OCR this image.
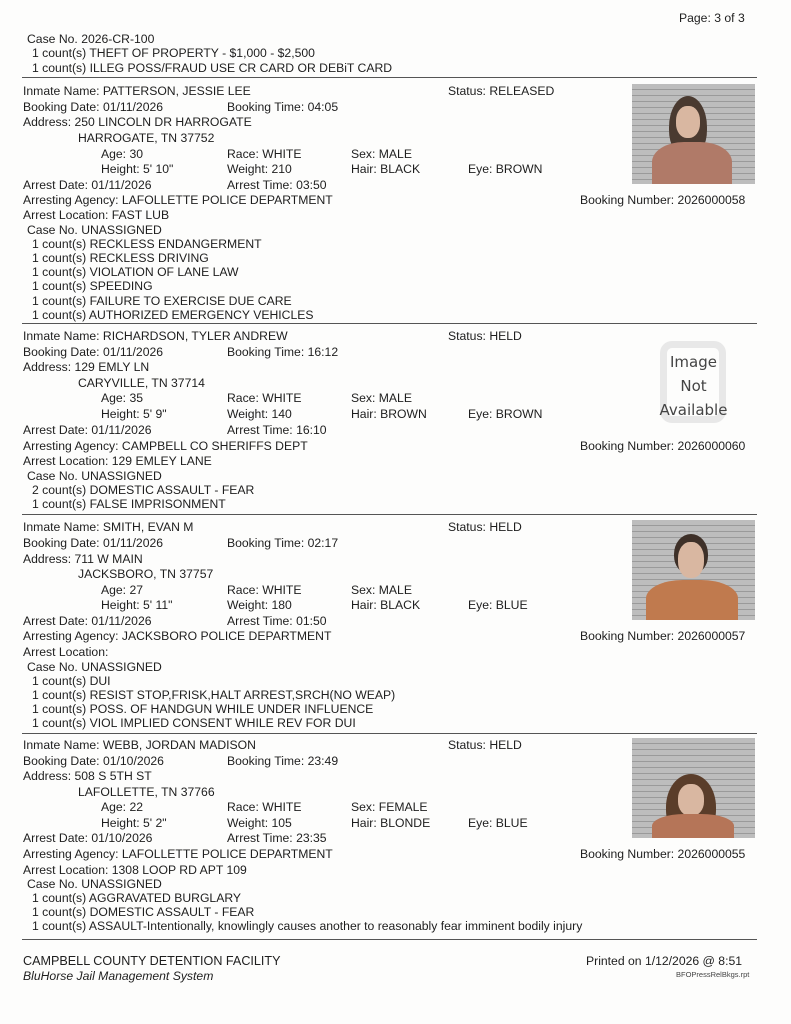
Page: 3 of 3
Case No. 2026-CR-100
1 count(s) THEFT OF PROPERTY - $1,000 - $2,500
1 count(s) ILLEG POSS/FRAUD USE CR CARD OR DEBiT CARD
Inmate Name: PATTERSON, JESSIE LEE	Status: RELEASED
Booking Date: 01/11/2026	Booking Time: 04:05
Address: 250 LINCOLN DR HARROGATE
HARROGATE, TN 37752
Age: 30	Race: WHITE	Sex: MALE
Height: 5' 10"	Weight: 210	Hair: BLACK	Eye: BROWN
Arrest Date: 01/11/2026	Arrest Time: 03:50
Arresting Agency: LAFOLLETTE POLICE DEPARTMENT	Booking Number: 2026000058
Arrest Location: FAST LUB
Case No. UNASSIGNED
1 count(s) RECKLESS ENDANGERMENT
1 count(s) RECKLESS DRIVING
1 count(s) VIOLATION OF LANE LAW
1 count(s) SPEEDING
1 count(s) FAILURE TO EXERCISE DUE CARE
1 count(s) AUTHORIZED EMERGENCY VEHICLES
Inmate Name: RICHARDSON, TYLER ANDREW	Status: HELD
Booking Date: 01/11/2026	Booking Time: 16:12
Address: 129 EMLY LN
CARYVILLE, TN 37714
Age: 35	Race: WHITE	Sex: MALE
Height: 5' 9"	Weight: 140	Hair: BROWN	Eye: BROWN
Arrest Date: 01/11/2026	Arrest Time: 16:10
Arresting Agency: CAMPBELL CO SHERIFFS DEPT	Booking Number: 2026000060
Arrest Location: 129 EMLEY LANE
Case No. UNASSIGNED
2 count(s) DOMESTIC ASSAULT - FEAR
1 count(s) FALSE IMPRISONMENT
Image
Not
Available
Inmate Name: SMITH, EVAN M	Status: HELD
Booking Date: 01/11/2026	Booking Time: 02:17
Address: 711 W MAIN
JACKSBORO, TN 37757
Age: 27	Race: WHITE	Sex: MALE
Height: 5' 11"	Weight: 180	Hair: BLACK	Eye: BLUE
Arrest Date: 01/11/2026	Arrest Time: 01:50
Arresting Agency: JACKSBORO POLICE DEPARTMENT	Booking Number: 2026000057
Arrest Location:
Case No. UNASSIGNED
1 count(s) DUI
1 count(s) RESIST STOP,FRISK,HALT ARREST,SRCH(NO WEAP)
1 count(s) POSS. OF HANDGUN WHILE UNDER INFLUENCE
1 count(s) VIOL IMPLIED CONSENT WHILE REV FOR DUI
Inmate Name: WEBB, JORDAN MADISON	Status: HELD
Booking Date: 01/10/2026	Booking Time: 23:49
Address: 508 S 5TH ST
LAFOLLETTE, TN 37766
Age: 22	Race: WHITE	Sex: FEMALE
Height: 5' 2"	Weight: 105	Hair: BLONDE	Eye: BLUE
Arrest Date: 01/10/2026	Arrest Time: 23:35
Arresting Agency: LAFOLLETTE POLICE DEPARTMENT	Booking Number: 2026000055
Arrest Location: 1308 LOOP RD APT 109
Case No. UNASSIGNED
1 count(s) AGGRAVATED BURGLARY
1 count(s) DOMESTIC ASSAULT - FEAR
1 count(s) ASSAULT-Intentionally, knowlingly causes another to reasonably fear imminent bodily injury
CAMPBELL COUNTY DETENTION FACILITY
BluHorse Jail Management System
Printed on 1/12/2026 @ 8:51
BFOPressRelBkgs.rpt
